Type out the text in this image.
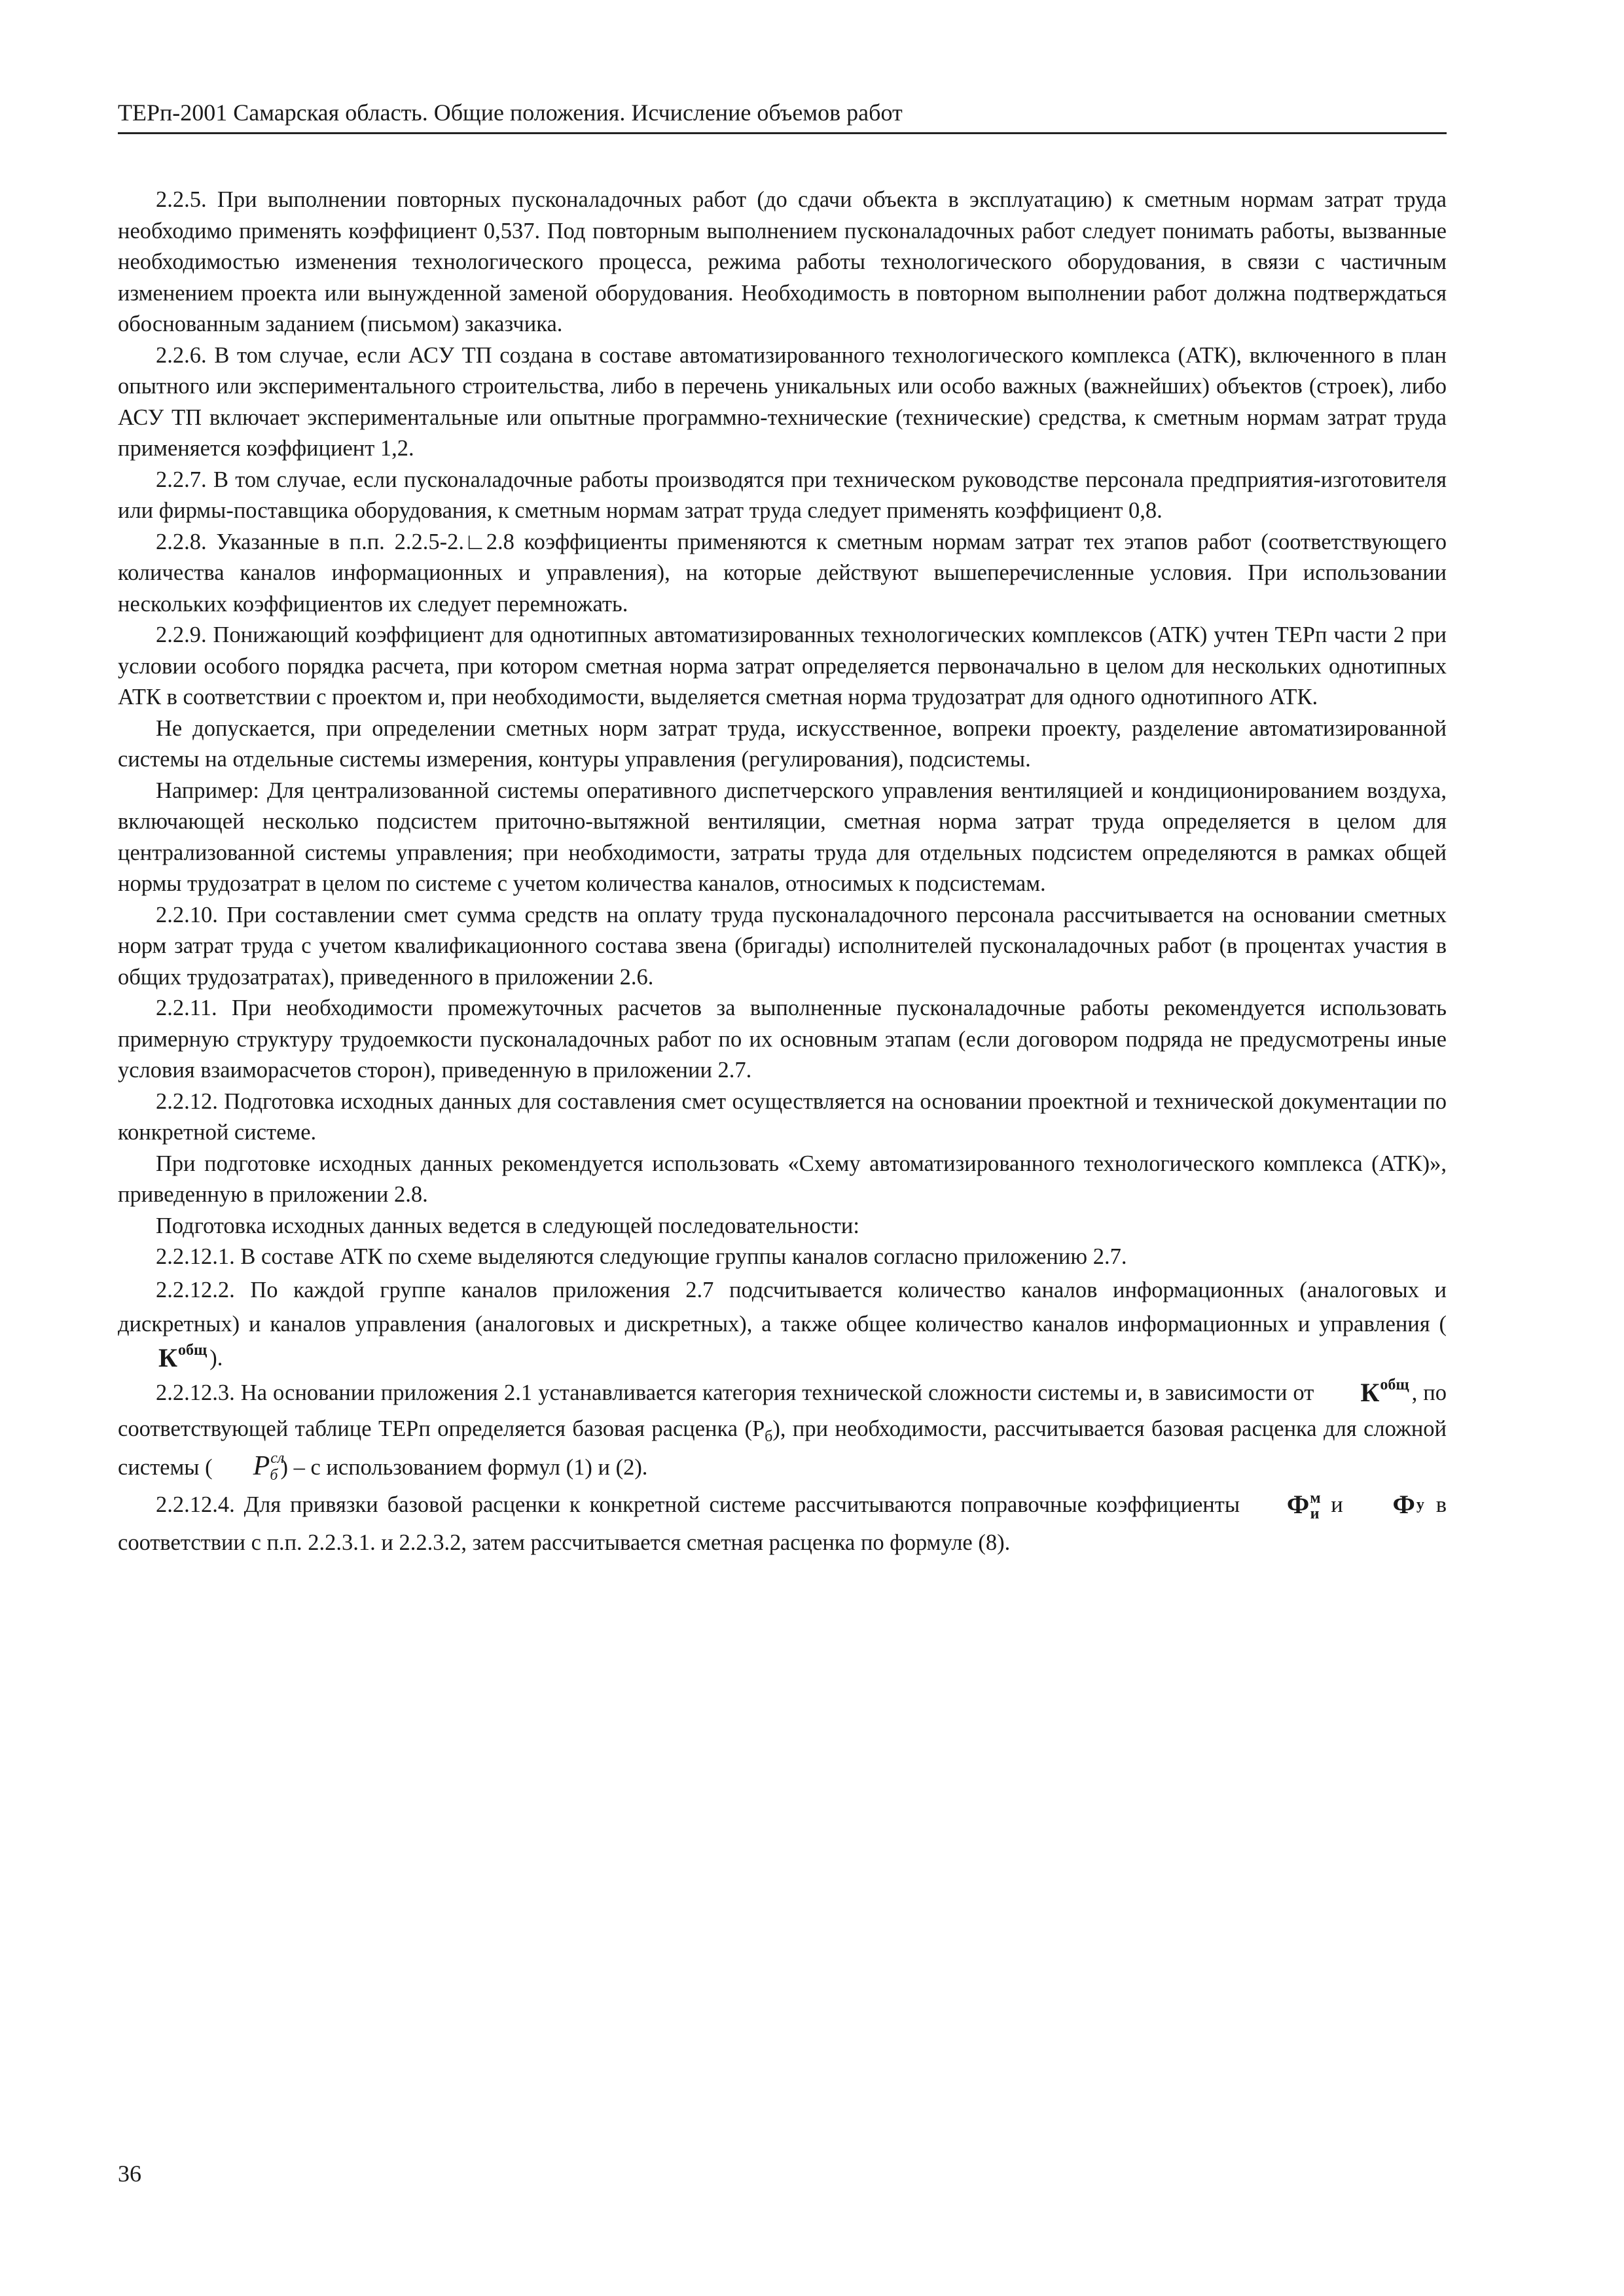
ТЕРп-2001 Самарская область. Общие положения. Исчисление объемов работ

2.2.5. При выполнении повторных пусконаладочных работ (до сдачи объекта в эксплуатацию) к сметным нормам затрат труда необходимо применять коэффициент 0,537. Под повторным выполнением пусконаладочных работ следует понимать работы, вызванные необходимостью изменения технологического процесса, режима работы технологического оборудования, в связи с частичным изменением проекта или вынужденной заменой оборудования. Необходимость в повторном выполнении работ должна подтверждаться обоснованным заданием (письмом) заказчика.

2.2.6. В том случае, если АСУ ТП создана в составе автоматизированного технологического комплекса (АТК), включенного в план опытного или экспериментального строительства, либо в перечень уникальных или особо важных (важнейших) объектов (строек), либо АСУ ТП включает экспериментальные или опытные программно-технические (технические) средства, к сметным нормам затрат труда применяется коэффициент 1,2.

2.2.7. В том случае, если пусконаладочные работы производятся при техническом руководстве персонала предприятия-изготовителя или фирмы-поставщика оборудования, к сметным нормам затрат труда следует применять коэффициент 0,8.

2.2.8. Указанные в п.п. 2.2.5-2.∟2.8 коэффициенты применяются к сметным нормам затрат тех этапов работ (соответствующего количества каналов информационных и управления), на которые действуют вышеперечисленные условия. При использовании нескольких коэффициентов их следует перемножать.

2.2.9. Понижающий коэффициент для однотипных автоматизированных технологических комплексов (АТК) учтен ТЕРп части 2 при условии особого порядка расчета, при котором сметная норма затрат определяется первоначально в целом для нескольких однотипных АТК в соответствии с проектом и, при необходимости, выделяется сметная норма трудозатрат для одного однотипного АТК.

Не допускается, при определении сметных норм затрат труда, искусственное, вопреки проекту, разделение автоматизированной системы на отдельные системы измерения, контуры управления (регулирования), подсистемы.

Например: Для централизованной системы оперативного диспетчерского управления вентиляцией и кондиционированием воздуха, включающей несколько подсистем приточно-вытяжной вентиляции, сметная норма затрат труда определяется в целом для централизованной системы управления; при необходимости, затраты труда для отдельных подсистем определяются в рамках общей нормы трудозатрат в целом по системе с учетом количества каналов, относимых к подсистемам.

2.2.10. При составлении смет сумма средств на оплату труда пусконаладочного персонала рассчитывается на основании сметных норм затрат труда с учетом квалификационного состава звена (бригады) исполнителей пусконаладочных работ (в процентах участия в общих трудозатратах), приведенного в приложении 2.6.

2.2.11. При необходимости промежуточных расчетов за выполненные пусконаладочные работы рекомендуется использовать примерную структуру трудоемкости пусконаладочных работ по их основным этапам (если договором подряда не предусмотрены иные условия взаиморасчетов сторон), приведенную в приложении 2.7.

2.2.12. Подготовка исходных данных для составления смет осуществляется на основании проектной и технической документации по конкретной системе.

При подготовке исходных данных рекомендуется использовать «Схему автоматизированного технологического комплекса (АТК)», приведенную в приложении 2.8.

Подготовка исходных данных ведется в следующей последовательности:

2.2.12.1. В составе АТК по схеме выделяются следующие группы каналов согласно приложению 2.7.

2.2.12.2. По каждой группе каналов приложения 2.7 подсчитывается количество каналов информационных (аналоговых и дискретных) и каналов управления (аналоговых и дискретных), а также общее количество каналов информационных и управления ($К^{общ}$ ).

2.2.12.3. На основании приложения 2.1 устанавливается категория технической сложности системы и, в зависимости от $К^{общ}$ , по соответствующей таблице ТЕРп определяется базовая расценка $(Р_б)$, при необходимости, рассчитывается базовая расценка для сложной системы ( $Р^{сл}б$ ) – с использованием формул (1) и (2).

2.2.12.4. Для привязки базовой расценки к конкретной системе рассчитываются поправочные коэффициенты $Ф^м_и$ и Фу в соответствии с п.п. 2.2.3.1. и 2.2.3.2, затем рассчитывается сметная расценка по формуле (8).

36
